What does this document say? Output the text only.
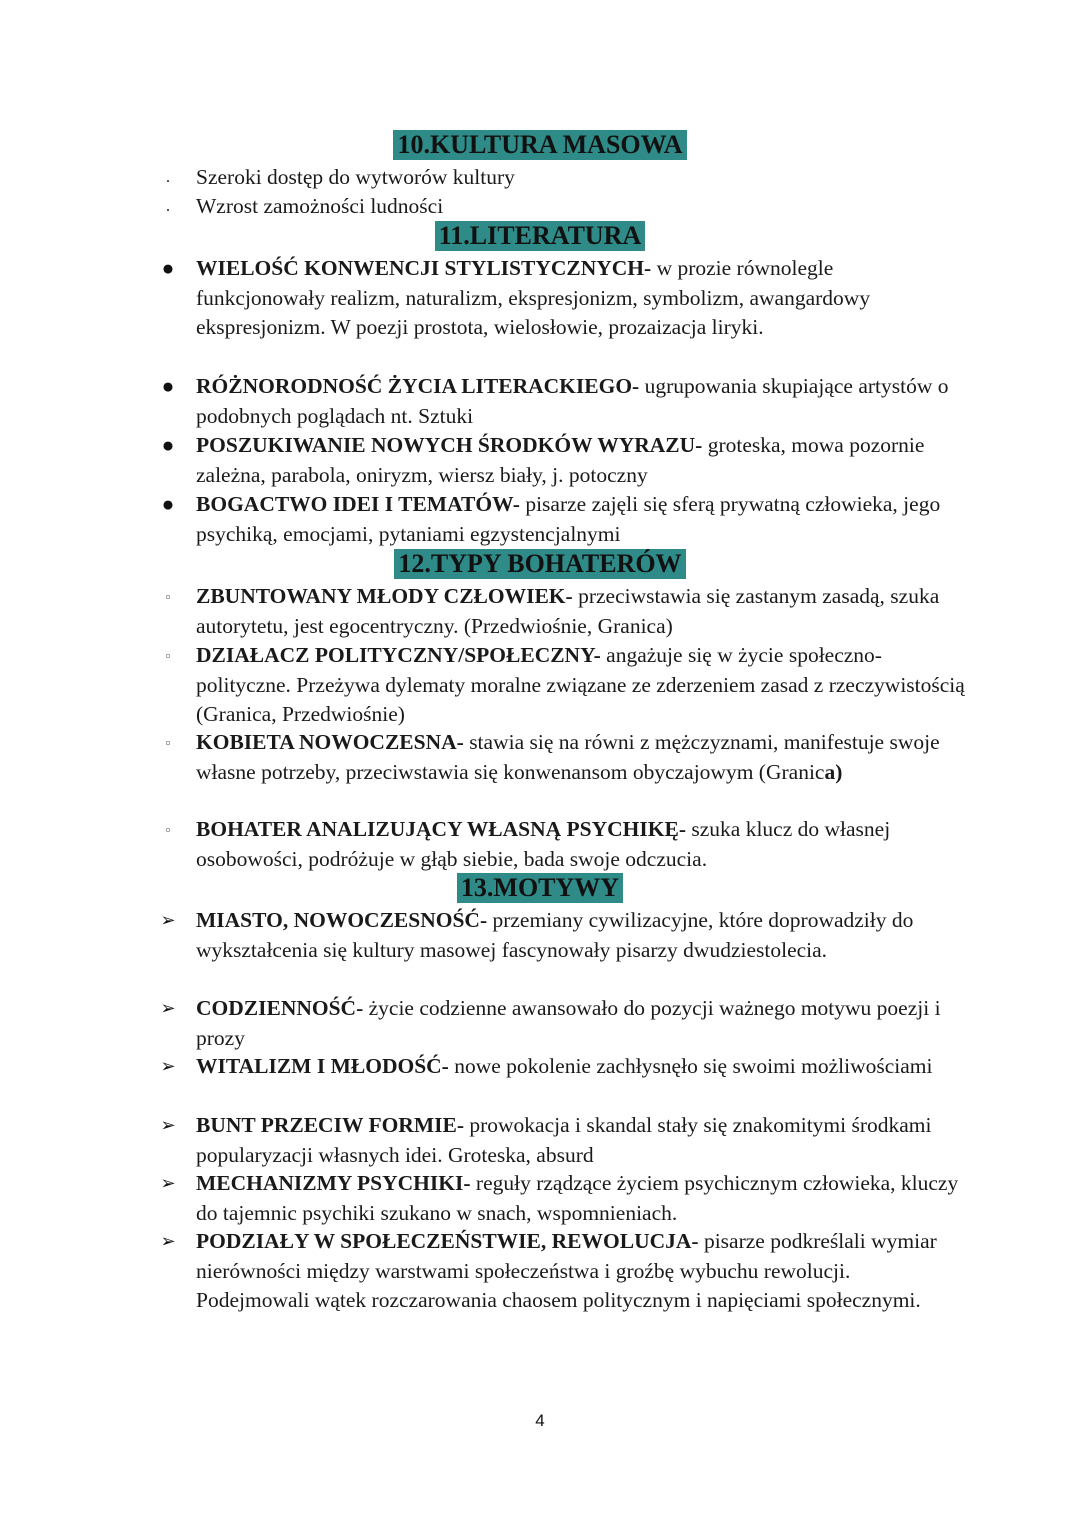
10.KULTURA MASOWA
.	Szeroki dostęp do wytworów kultury
.	Wzrost zamożności ludności
11.LITERATURA
● WIELOŚĆ KONWENCJI STYLISTYCZNYCH- w prozie równolegle funkcjonowały realizm, naturalizm, ekspresjonizm, symbolizm, awangardowy ekspresjonizm. W poezji prostota, wielosłowie, prozaizacja liryki.
● RÓŻNORODNOŚĆ ŻYCIA LITERACKIEGO- ugrupowania skupiające artystów o podobnych poglądach nt. Sztuki
● POSZUKIWANIE NOWYCH ŚRODKÓW WYRAZU- groteska, mowa pozornie zależna, parabola, oniryzm, wiersz biały, j. potoczny
● BOGACTWO IDEI I TEMATÓW- pisarze zajęli się sferą prywatną człowieka, jego psychiką, emocjami, pytaniami egzystencjalnymi
12.TYPY BOHATERÓW
▫	ZBUNTOWANY MŁODY CZŁOWIEK- przeciwstawia się zastanym zasadą, szuka autorytetu, jest egocentryczny. (Przedwiośnie, Granica)
▫	DZIAŁACZ POLITYCZNY/SPOŁECZNY- angażuje się w życie społeczno-polityczne. Przeżywa dylematy moralne związane ze zderzeniem zasad z rzeczywistością (Granica, Przedwiośnie)
▫	KOBIETA NOWOCZESNA- stawia się na równi z mężczyznami, manifestuje swoje własne potrzeby, przeciwstawia się konwenansom obyczajowym (Granica)
▫	BOHATER ANALIZUJĄCY WŁASNĄ PSYCHIKĘ- szuka klucz do własnej osobowości, podróżuje w głąb siebie, bada swoje odczucia.
13.MOTYWY
➢ MIASTO, NOWOCZESNOŚĆ- przemiany cywilizacyjne, które doprowadziły do wykształcenia się kultury masowej fascynowały pisarzy dwudziestolecia.
➢ CODZIENNOŚĆ- życie codzienne awansowało do pozycji ważnego motywu poezji i prozy
➢ WITALIZM I MŁODOŚĆ- nowe pokolenie zachłysnęło się swoimi możliwościami
➢ BUNT PRZECIW FORMIE- prowokacja i skandal stały się znakomitymi środkami popularyzacji własnych idei. Groteska, absurd
➢ MECHANIZMY PSYCHIKI- reguły rządzące życiem psychicznym człowieka, kluczy do tajemnic psychiki szukano w snach, wspomnieniach.
➢ PODZIAŁY W SPOŁECZEŃSTWIE, REWOLUCJA- pisarze podkreślali wymiar nierówności między warstwami społeczeństwa i groźbę wybuchu rewolucji. Podejmowali wątek rozczarowania chaosem politycznym i napięciami społecznymi.
4
